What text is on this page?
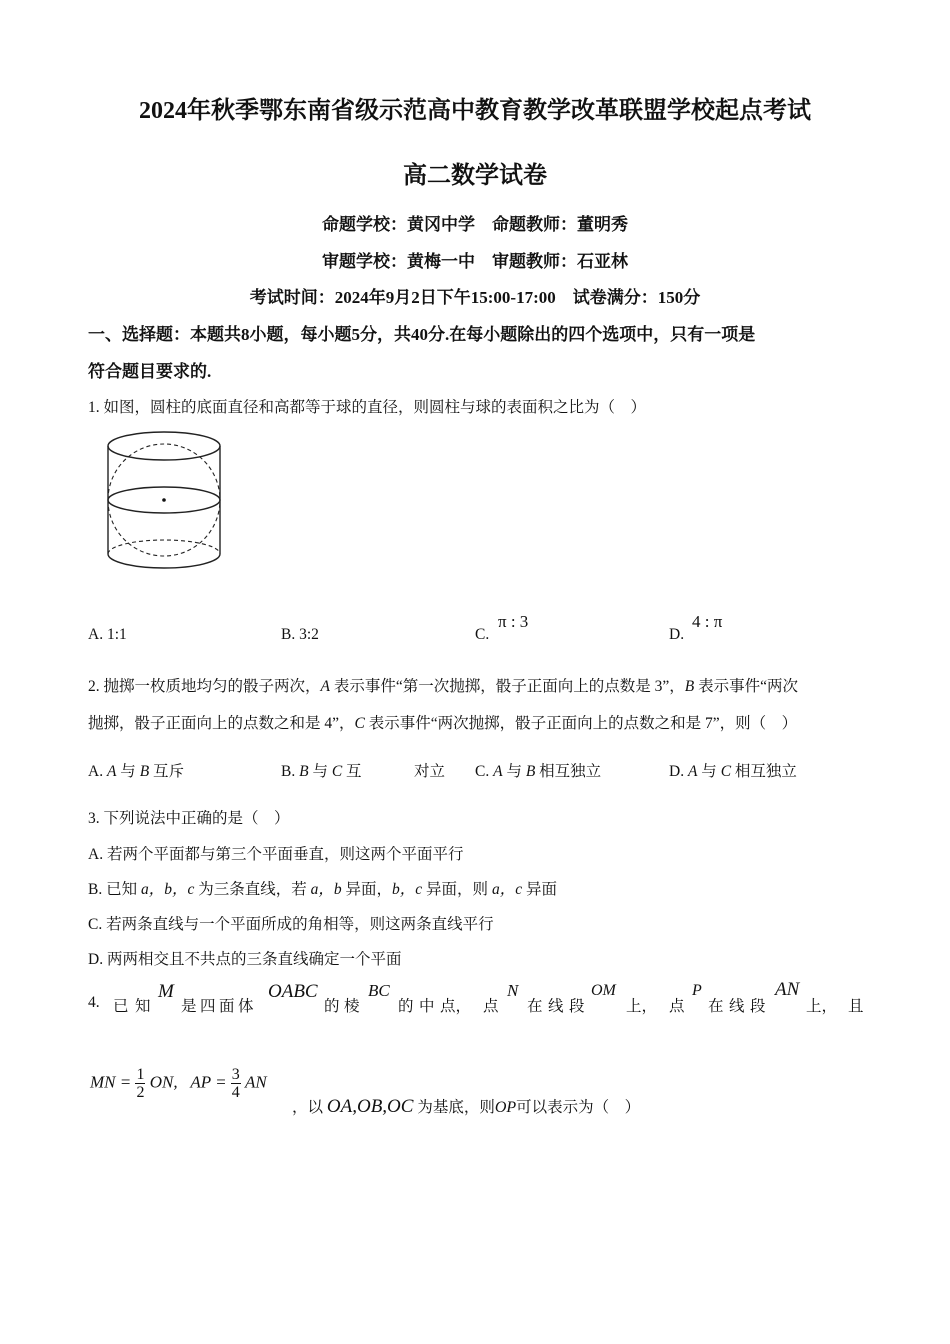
2024年秋季鄂东南省级示范高中教育教学改革联盟学校起点考试
高二数学试卷
命题学校：黄冈中学　命题教师：董明秀
审题学校：黄梅一中　审题教师：石亚林
考试时间：2024年9月2日下午15:00-17:00　试卷满分：150分
一、选择题：本题共8小题，每小题5分，共40分.在每小题除出的四个选项中，只有一项是
符合题目要求的.
1. 如图，圆柱的底面直径和高都等于球的直径，则圆柱与球的表面积之比为（　）
A. 1:1	B. 3:2	C.
π : 3
D.
4 : π
2. 抛掷一枚质地均匀的骰子两次，A 表示事件“第一次抛掷，骰子正面向上的点数是 3”，B 表示事件“两次
抛掷，骰子正面向上的点数之和是 4”，C 表示事件“两次抛掷，骰子正面向上的点数之和是 7”，则（　）
A. A 与 B 互斥	B. B 与 C 互	对立 C. A 与 B 相互独立	D. A 与 C 相互独立
3. 下列说法中正确的是（　）
A. 若两个平面都与第三个平面垂直，则这两个平面平行
B. 已知 a，b，c 为三条直线，若 a，b 异面，b，c 异面，则 a，c 异面
C. 若两条直线与一个平面所成的角相等，则这两条直线平行
D. 两两相交且不共点的三条直线确定一个平面
4. 已 知
M
是 四 面 体
OABC
的 棱
BC
的 中 点， 点
N
在 线 段
OM
上， 点
P
在 线 段
AN
上， 且
MN = $\frac{1}{2}$ ON, AP = $\frac{3}{4}$ AN
，以 OA,OB,OC 为基底，则OP可以表示为（　）
